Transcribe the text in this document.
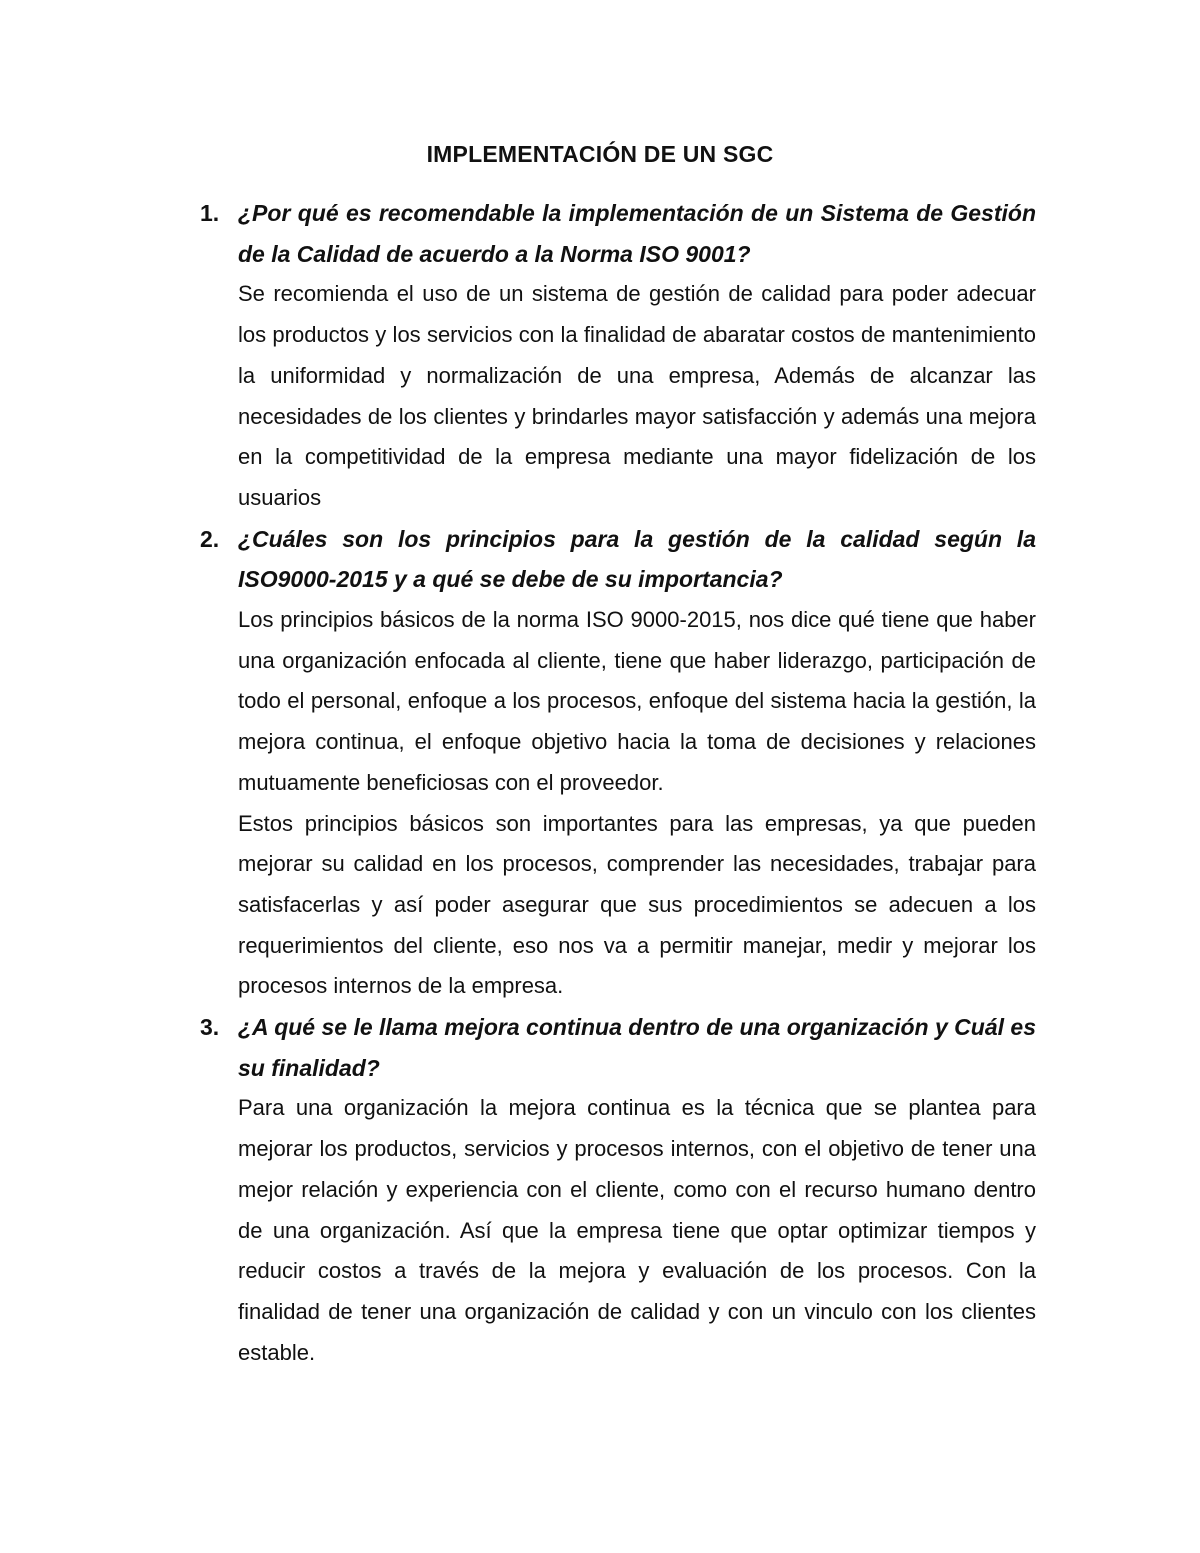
IMPLEMENTACIÓN DE UN SGC
1. ¿Por qué es recomendable la implementación de un Sistema de Gestión de la Calidad de acuerdo a la Norma ISO 9001?

Se recomienda el uso de un sistema de gestión de calidad para poder adecuar los productos y los servicios con la finalidad de abaratar costos de mantenimiento la uniformidad y normalización de una empresa, Además de alcanzar las necesidades de los clientes y brindarles mayor satisfacción y además una mejora en la competitividad de la empresa mediante una mayor fidelización de los usuarios

2. ¿Cuáles son los principios para la gestión de la calidad según la ISO9000-2015 y a qué se debe de su importancia?

Los principios básicos de la norma ISO 9000-2015, nos dice qué tiene que haber una organización enfocada al cliente, tiene que haber liderazgo, participación de todo el personal, enfoque a los procesos, enfoque del sistema hacia la gestión, la mejora continua, el enfoque objetivo hacia la toma de decisiones y relaciones mutuamente beneficiosas con el proveedor.

Estos principios básicos son importantes para las empresas, ya que pueden mejorar su calidad en los procesos, comprender las necesidades, trabajar para satisfacerlas y así poder asegurar que sus procedimientos se adecuen a los requerimientos del cliente, eso nos va a permitir manejar, medir y mejorar los procesos internos de la empresa.

3. ¿A qué se le llama mejora continua dentro de una organización y Cuál es su finalidad?

Para una organización la mejora continua es la técnica que se plantea para mejorar los productos, servicios y procesos internos, con el objetivo de tener una mejor relación y experiencia con el cliente, como con el recurso humano dentro de una organización. Así que la empresa tiene que optar optimizar tiempos y reducir costos a través de la mejora y evaluación de los procesos. Con la finalidad de tener una organización de calidad y con un vinculo con los clientes estable.
